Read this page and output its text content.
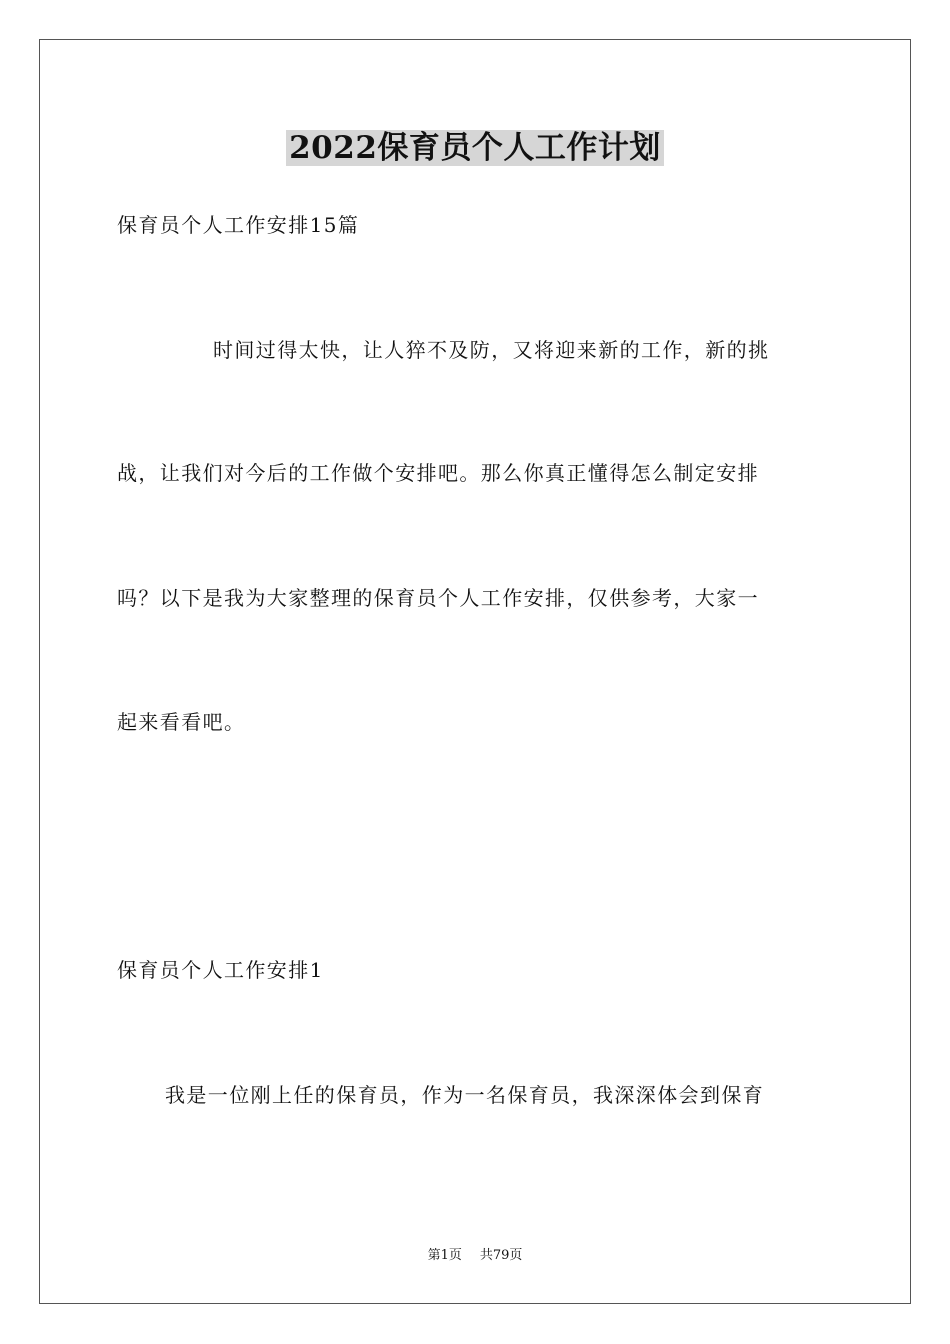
2022保育员个人工作计划
保育员个人工作安排15篇
时间过得太快，让人猝不及防，又将迎来新的工作，新的挑
战，让我们对今后的工作做个安排吧。那么你真正懂得怎么制定安排
吗？以下是我为大家整理的保育员个人工作安排，仅供参考，大家一
起来看看吧。
保育员个人工作安排1
我是一位刚上任的保育员，作为一名保育员，我深深体会到保育
第1页 共79页
